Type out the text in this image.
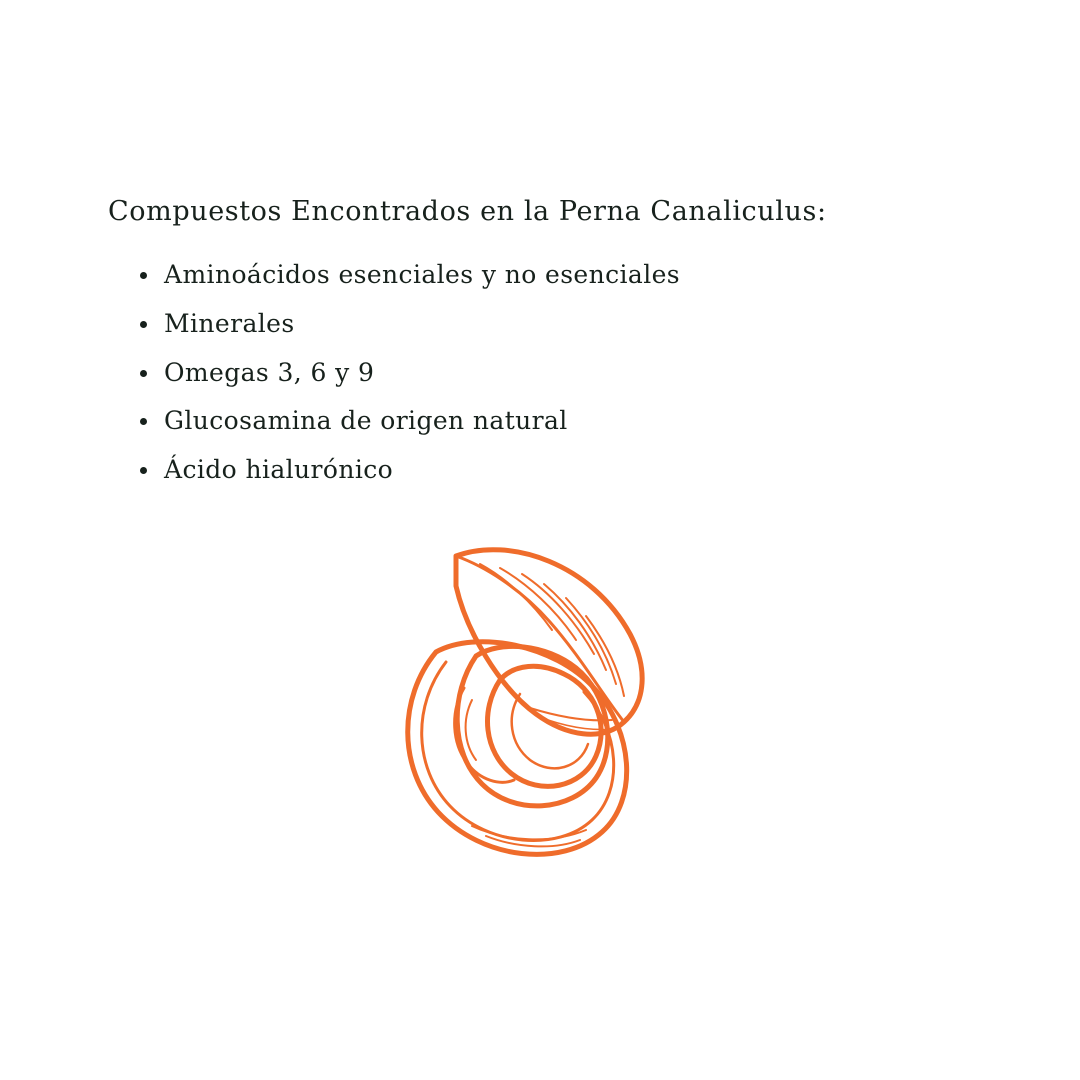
Compuestos Encontrados en la Perna Canaliculus:
Aminoácidos esenciales y no esenciales
Minerales
Omegas 3, 6 y 9
Glucosamina de origen natural
Ácido hialurónico
